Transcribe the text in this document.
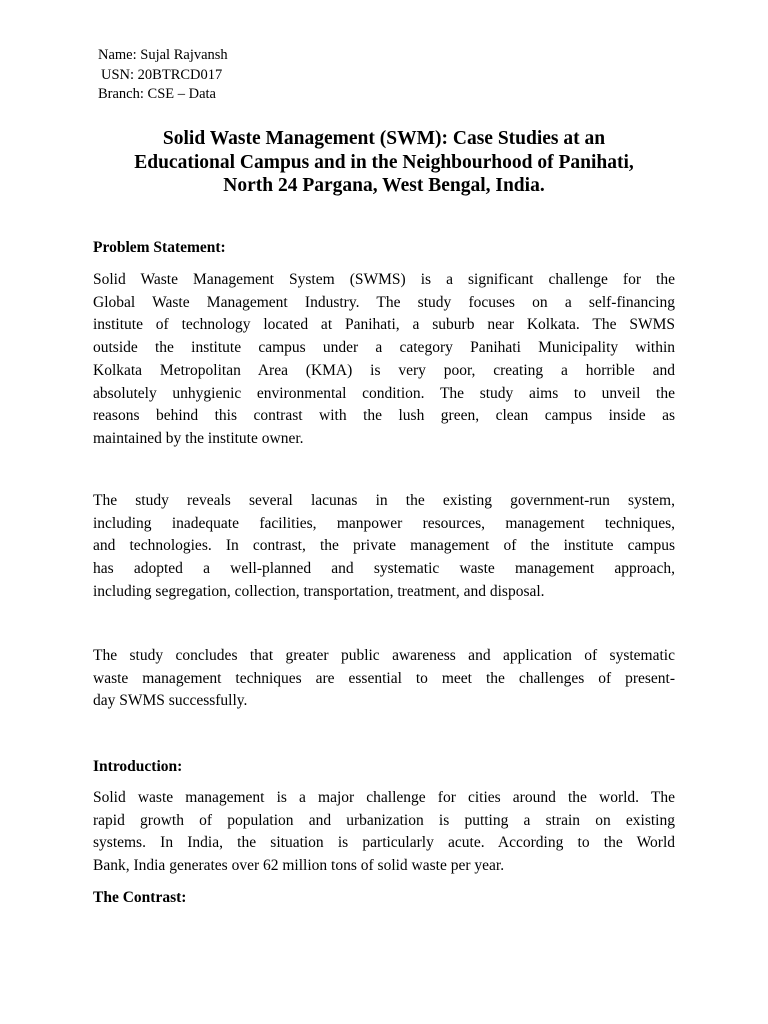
Name: Sujal Rajvansh
USN: 20BTRCD017
Branch: CSE – Data
Solid Waste Management (SWM): Case Studies at an
Educational Campus and in the Neighbourhood of Panihati,
North 24 Pargana, West Bengal, India.
Problem Statement:

Solid Waste Management System (SWMS) is a significant challenge for the
Global Waste Management Industry. The study focuses on a self-financing
institute of technology located at Panihati, a suburb near Kolkata. The SWMS
outside the institute campus under a category Panihati Municipality within
Kolkata Metropolitan Area (KMA) is very poor, creating a horrible and
absolutely unhygienic environmental condition. The study aims to unveil the
reasons behind this contrast with the lush green, clean campus inside as
maintained by the institute owner.

The study reveals several lacunas in the existing government-run system,
including inadequate facilities, manpower resources, management techniques,
and technologies. In contrast, the private management of the institute campus
has adopted a well-planned and systematic waste management approach,
including segregation, collection, transportation, treatment, and disposal.

The study concludes that greater public awareness and application of systematic
waste management techniques are essential to meet the challenges of present-
day SWMS successfully.

Introduction:

Solid waste management is a major challenge for cities around the world. The
rapid growth of population and urbanization is putting a strain on existing
systems. In India, the situation is particularly acute. According to the World
Bank, India generates over 62 million tons of solid waste per year.

The Contrast:
